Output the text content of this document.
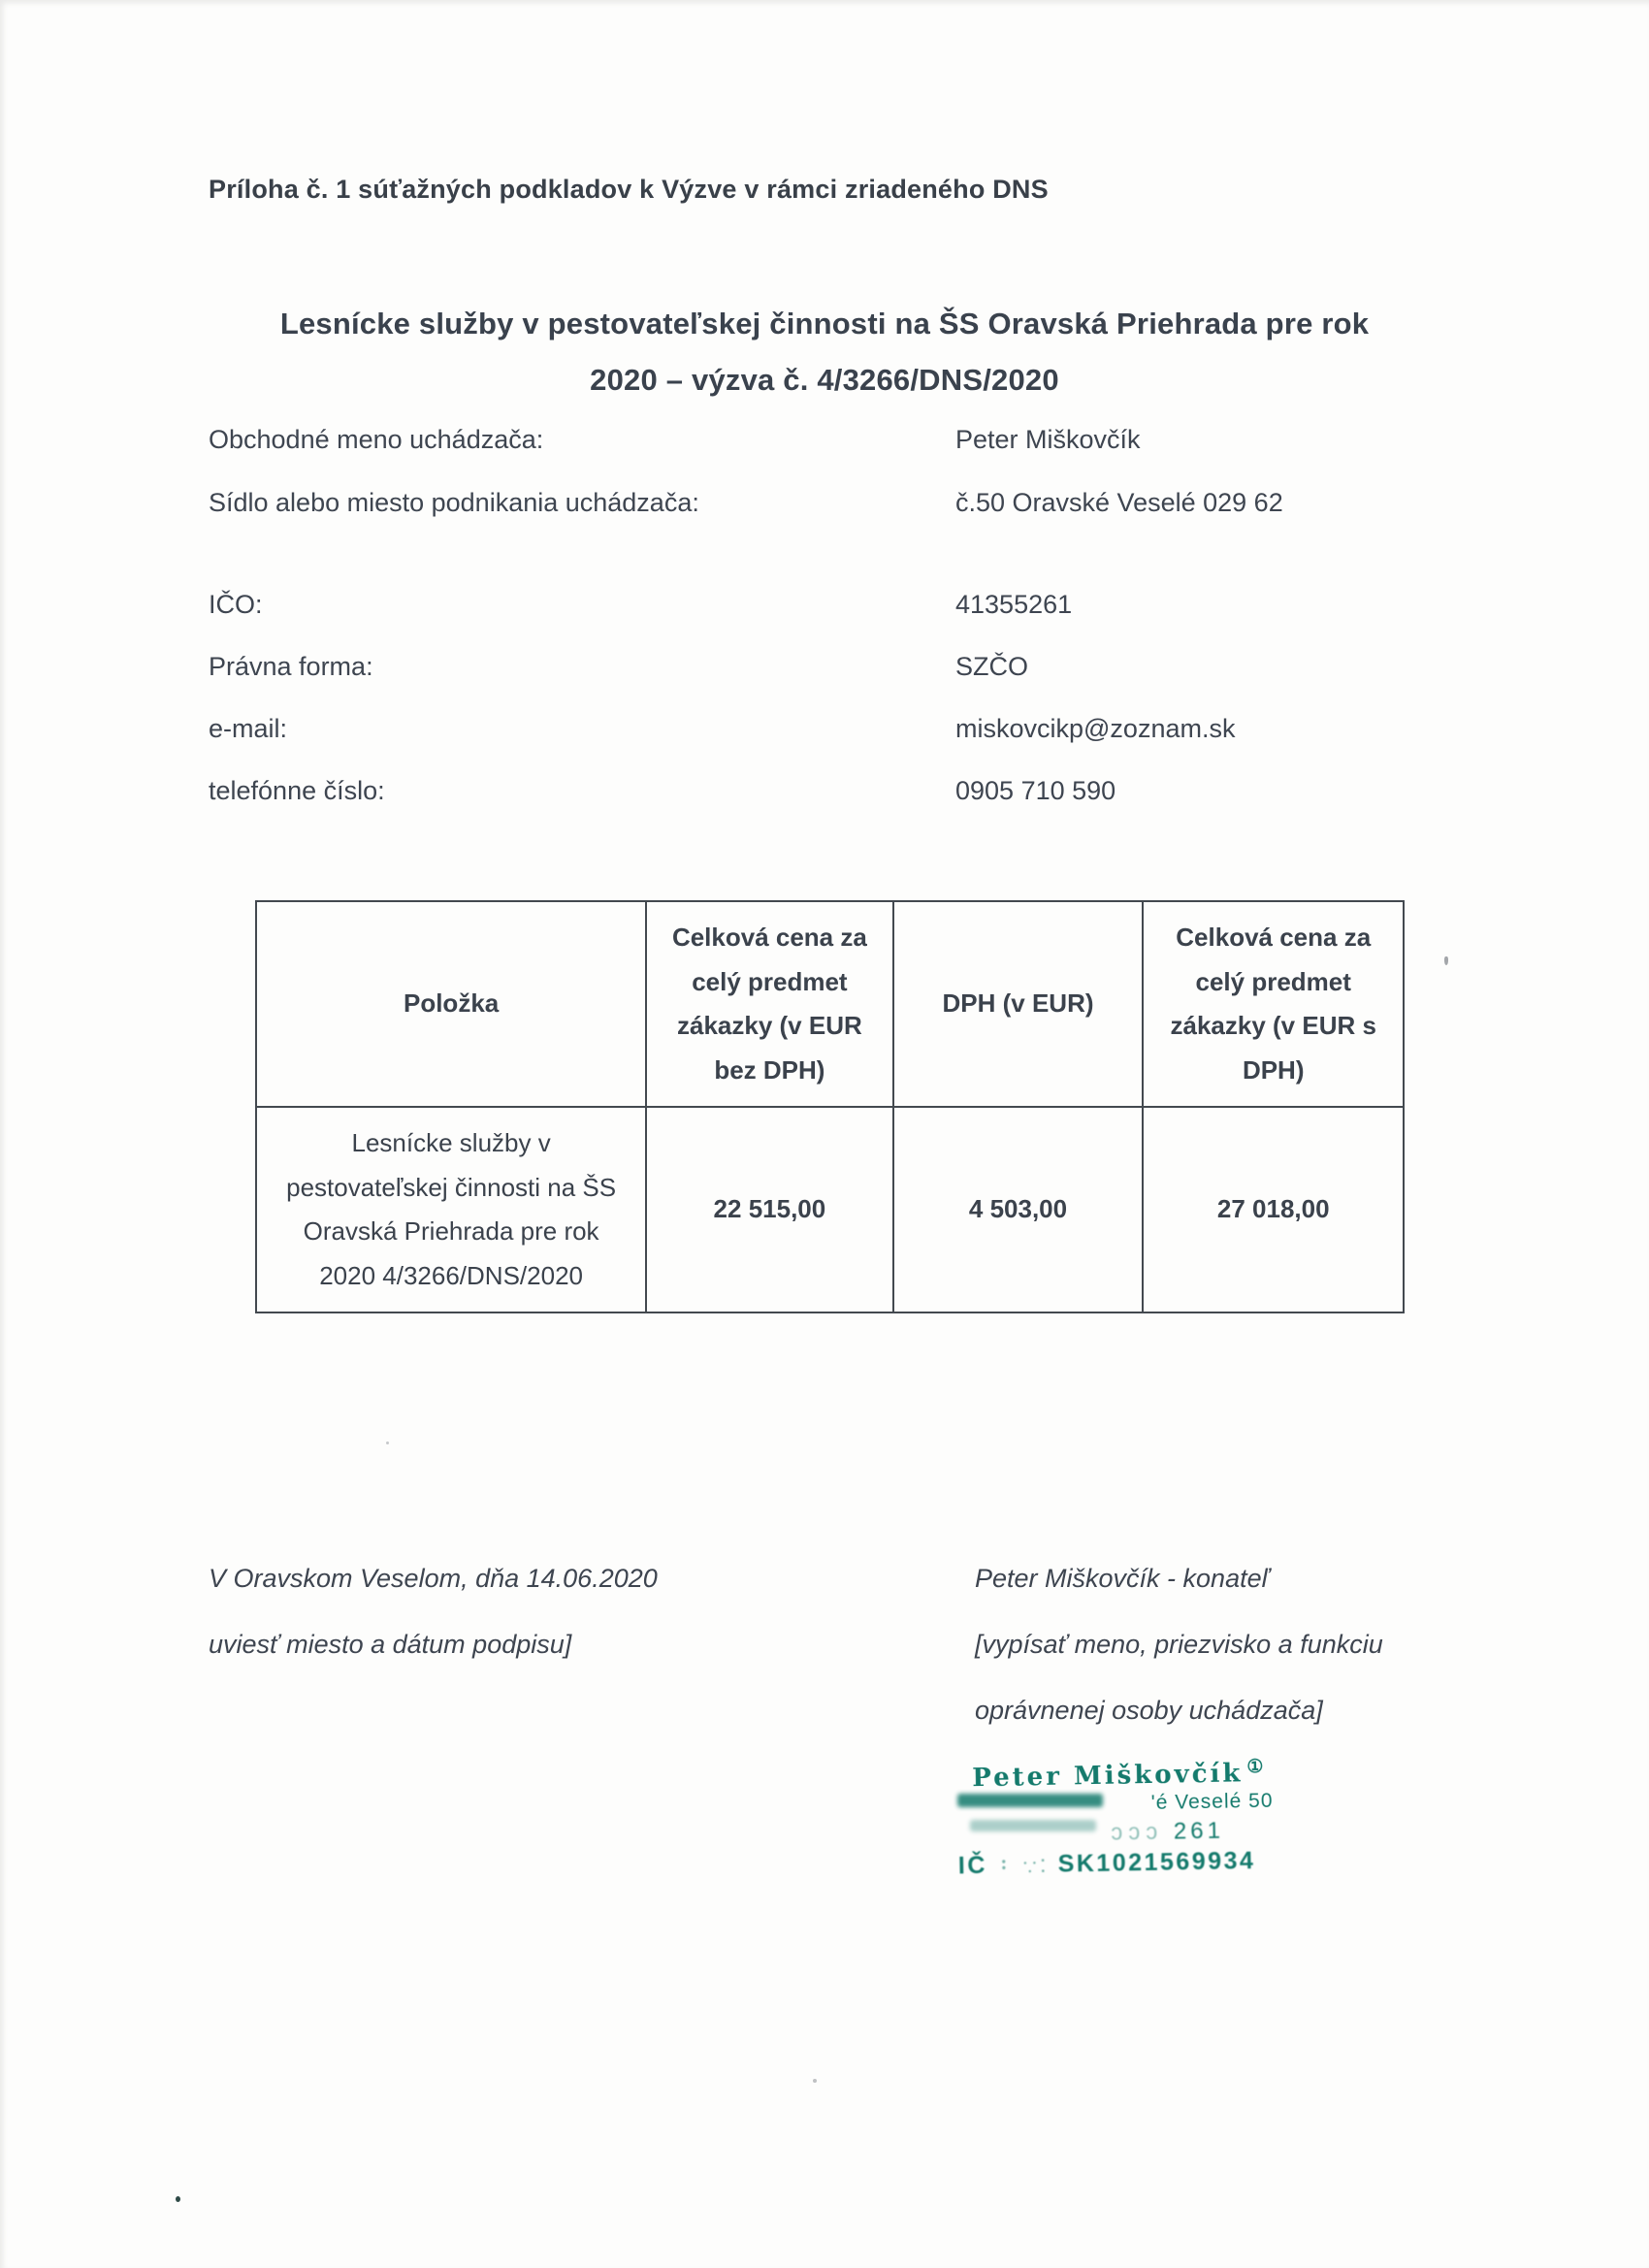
Príloha č. 1 súťažných podkladov k Výzve v rámci zriadeného DNS
Lesnícke služby v pestovateľskej činnosti na ŠS Oravská Priehrada pre rok
2020 – výzva č. 4/3266/DNS/2020
Obchodné meno uchádzača:	Peter Miškovčík
Sídlo alebo miesto podnikania uchádzača:	č.50 Oravské Veselé 029 62
IČO:	41355261
Právna forma:	SZČO
e-mail:	miskovcikp@zoznam.sk
telefónne číslo:	0905 710 590
Položka	Celková cena za celý predmet zákazky (v EUR bez DPH)	DPH (v EUR)	Celková cena za celý predmet zákazky (v EUR s DPH)
Lesnícke služby v pestovateľskej činnosti na ŠS Oravská Priehrada pre rok 2020 4/3266/DNS/2020	22 515,00	4 503,00	27 018,00
V Oravskom Veselom, dňa 14.06.2020
uviesť miesto a dátum podpisu]
Peter Miškovčík - konateľ
[vypísať meno, priezvisko a funkciu
oprávnenej osoby uchádzača]
Peter Miškovčík ①
'é Veselé 50
ɔɔɔ 261
IČ ᛬ ∵: SK1021569934
